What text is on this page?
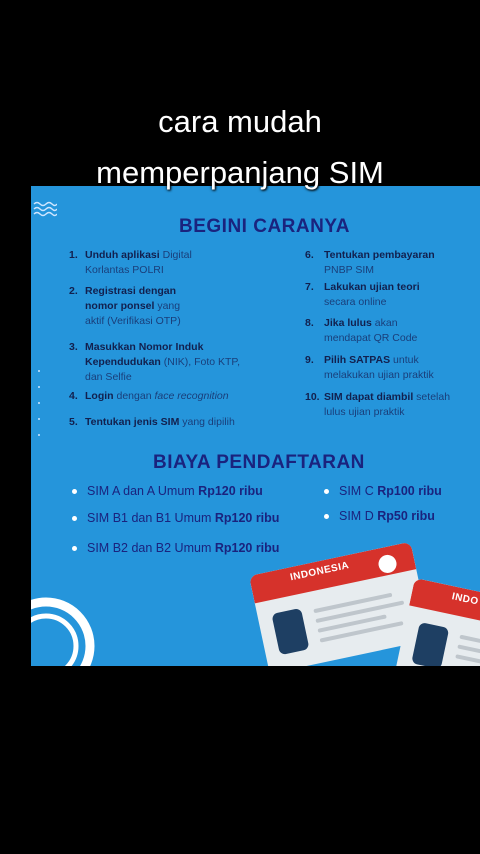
cara mudah
memperpanjang SIM
BEGINI CARANYA
1. Unduh aplikasi Digital
Korlantas POLRI
2. Registrasi dengan
nomor ponsel yang
aktif (Verifikasi OTP)
3. Masukkan Nomor Induk
Kependudukan (NIK), Foto KTP,
dan Selfie
4. Login dengan face recognition
5. Tentukan jenis SIM yang dipilih
6. Tentukan pembayaran
PNBP SIM
7. Lakukan ujian teori
secara online
8. Jika lulus akan
mendapat QR Code
9. Pilih SATPAS untuk
melakukan ujian praktik
10. SIM dapat diambil setelah
lulus ujian praktik
BIAYA PENDAFTARAN
SIM A dan A Umum Rp120 ribu
SIM B1 dan B1 Umum Rp120 ribu
SIM B2 dan B2 Umum Rp120 ribu
SIM C Rp100 ribu
SIM D Rp50 ribu
INDONESIA
INDO
